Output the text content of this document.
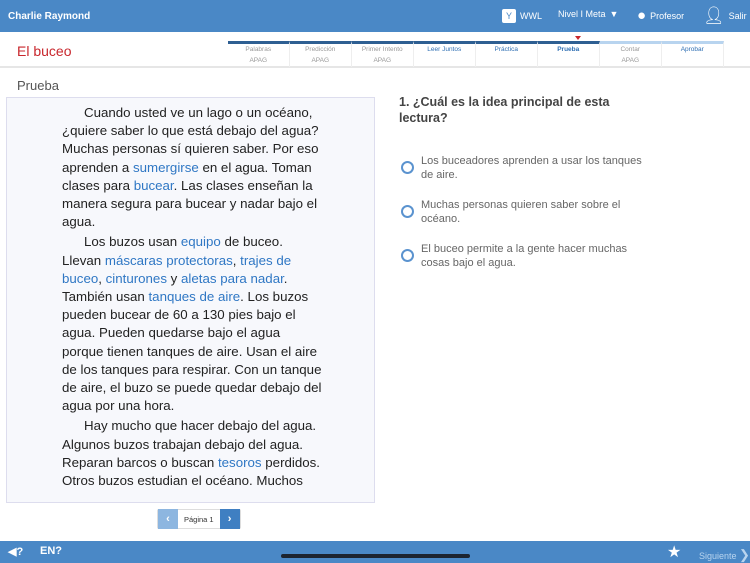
Charlie Raymond	Y WWL Nivel I Meta ▼ ● Profesor 👤︎ Salir
El buceo	Palabras
APAG
Predicción
APAG
Primer Intento
APAG
Leer Juntos	Práctica	Prueba	Contar
APAG
Aprobar
Prueba

Cuando usted ve un lago o un océano, ¿quiere saber lo que está debajo del agua? Muchas personas sí quieren saber. Por eso aprenden a sumergirse en el agua. Toman clases para bucear. Las clases enseñan la manera segura para bucear y nadar bajo el agua.

Los buzos usan equipo de buceo. Llevan máscaras protectoras, trajes de buceo, cinturones y aletas para nadar. También usan tanques de aire. Los buzos pueden bucear de 60 a 130 pies bajo el agua. Pueden quedarse bajo el agua porque tienen tanques de aire. Usan el aire de los tanques para respirar. Con un tanque de aire, el buzo se puede quedar debajo del agua por una hora.

Hay mucho que hacer debajo del agua. Algunos buzos trabajan debajo del agua. Reparan barcos o buscan tesoros perdidos. Otros buzos estudian el océano. Muchos

‹	Página 1	›
1. ¿Cuál es la idea principal de esta lectura?
Los buceadores aprenden a usar los tanques de aire.
Muchas personas quieren saber sobre el océano.
El buceo permite a la gente hacer muchas cosas bajo el agua.
◀? EN?	★ Siguiente ❯
